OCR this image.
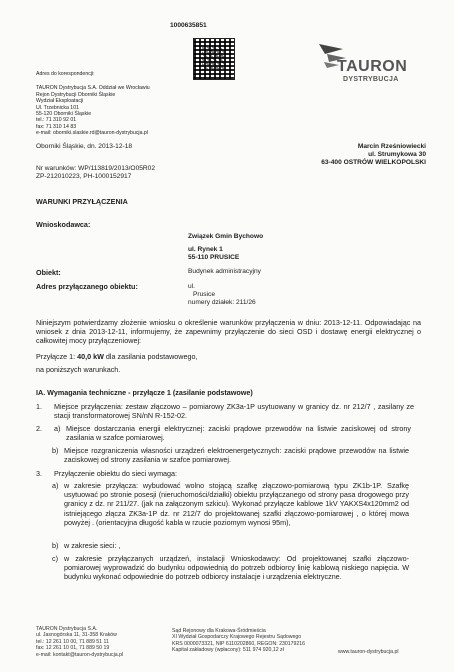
1000635851
Adres do korespondencji:
TAURON Dystrybucja S.A. Oddział we Wrocławiu
Rejon Dystrybucji Oborniki Śląskie
Wydział Eksploatacji
Ul. Trzebnicka 101
55-120 Oborniki Śląskie
tel.: 71 310 92 01
fax: 71 310 14 83
e-mail: oborniki.slaskie.rd@tauron-dystrybucja.pl
TAURON
DYSTRYBUCJA
Oborniki Śląskie, dn. 2013-12-18
Nr warunków: WP/113819/2013/O05R02
ZP-212010223, PH-1000152917
Marcin Rześniowiecki
ul. Strumykowa 30
63-400 OSTRÓW WIELKOPOLSKI
WARUNKI PRZYŁĄCZENIA
Wnioskodawca:
Związek Gmin Bychowo
ul. Rynek 1
55-110 PRUSICE
Obiekt:	Budynek administracyjny
Adres przyłączanego obiektu:	ul.
Prusice
numery działek: 211/26
Niniejszym potwierdzamy złożenie wniosku o określenie warunków przyłączenia w dniu: 2013-12-11. Odpowiadając na wniosek z dnia 2013-12-11, informujemy, że zapewnimy przyłączenie do sieci OSD i dostawę energii elektrycznej o całkowitej mocy przyłączeniowej:
Przyłącze 1: 40,0 kW dla zasilania podstawowego,
na poniższych warunkach.
IA. Wymagania techniczne - przyłącze 1 (zasilanie podstawowe)
1. Miejsce przyłączenia: zestaw złączowo – pomiarowy ZK3a-1P usytuowany w granicy dz. nr 212/7 , zasilany ze stacji transformatorowej SN/nN R-152-02.
2. a) Miejsce dostarczania energii elektrycznej: zaciski prądowe przewodów na listwie zaciskowej od strony zasilania w szafce pomiarowej.
b) Miejsce rozgraniczenia własności urządzeń elektroenergetycznych: zaciski prądowe przewodów na listwie zaciskowej od strony zasilania w szafce pomiarowej.
3. Przyłączenie obiektu do sieci wymaga:
a) w zakresie przyłącza: wybudować wolno stojącą szafkę złączowo-pomiarową typu ZK1b-1P. Szafkę usytuować po stronie posesji (nieruchomości/działki) obiektu przyłączanego od strony pasa drogowego przy granicy z dz. nr 211/27. (jak na załączonym szkicu). Wykonać przyłącze kablowe 1kV YAKXS4x120mm2 od istniejącego złącza ZK3a-1P dz. nr 212/7 do projektowanej szafki złączowo-pomiarowej , o której mowa powyżej . (orientacyjna długość kabla w rzucie poziomym wynosi 95m),
b) w zakresie sieci: ,
c) w zakresie przyłączanych urządzeń, instalacji Wnioskodawcy: Od projektowanej szafki złączowo-pomiarowej wyprowadzić do budynku odpowiednią do potrzeb odbiorcy linię kablową niskiego napięcia. W budynku wykonać odpowiednie do potrzeb odbiorcy instalacje i urządzenia elektryczne.
TAURON Dystrybucja S.A.
ul. Jasnogórska 11, 31-358 Kraków
tel.: 12 261 10 00, 71 889 51 11
fax: 12 261 10 01, 71 889 50 19
e-mail: kontakt@tauron-dystrybucja.pl
Sąd Rejonowy dla Krakowa-Śródmieścia
XI Wydział Gospodarczy Krajowego Rejestru Sądowego
KRS 0000073321, NIP 6110202860, REGON: 230179216
Kapitał zakładowy (wpłacony): 511 974 920,12 zł	www.tauron-dystrybucja.pl
